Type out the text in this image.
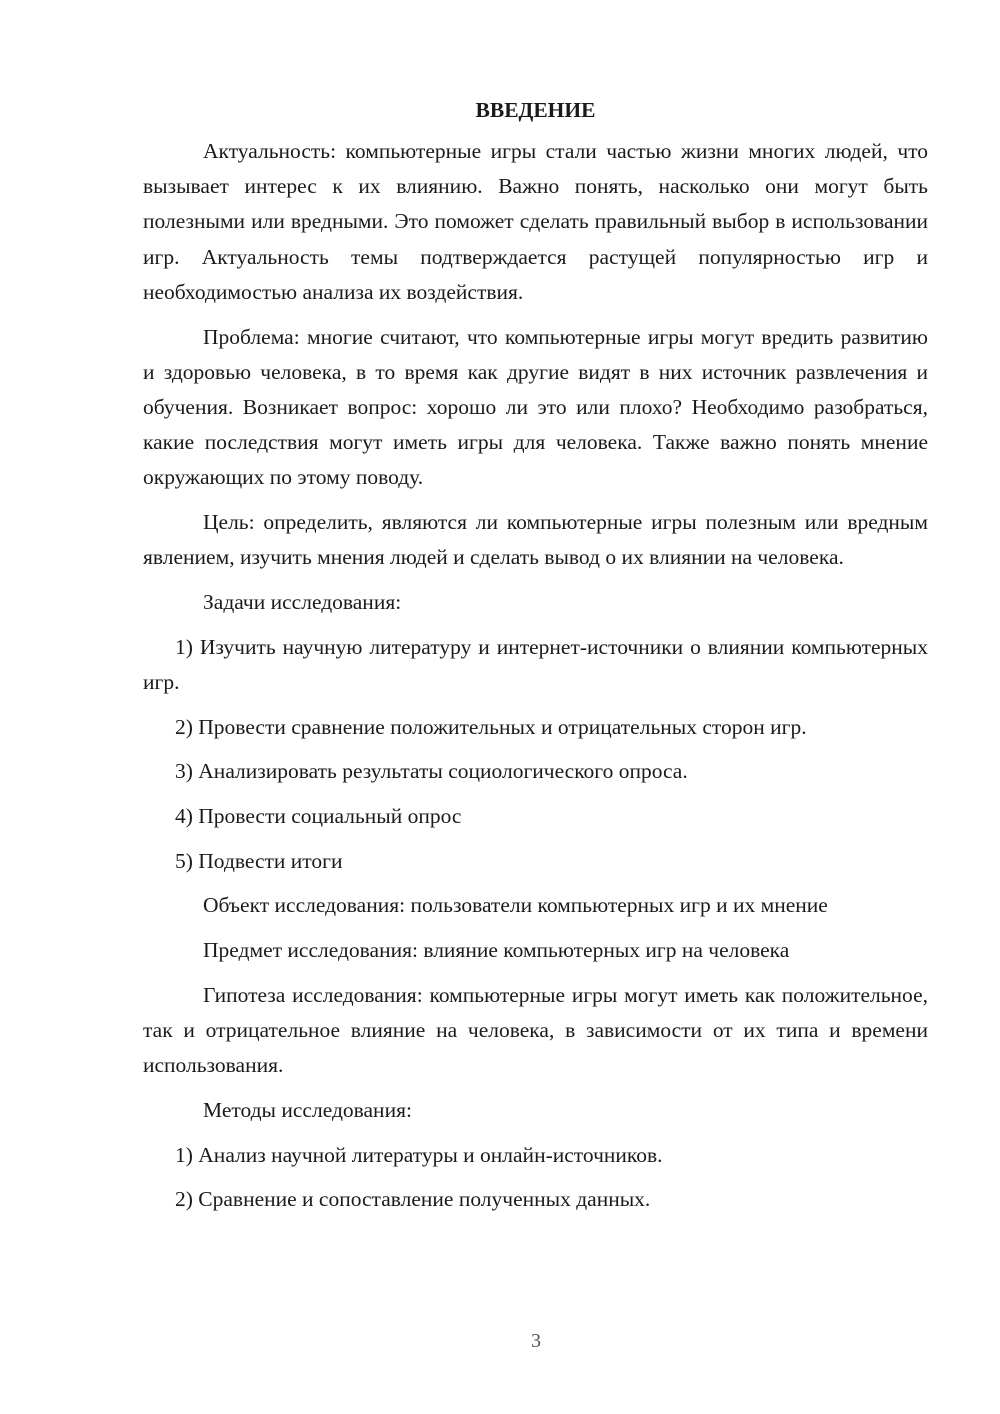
ВВЕДЕНИЕ

Актуальность: компьютерные игры стали частью жизни многих людей, что вызывает интерес к их влиянию. Важно понять, насколько они могут быть полезными или вредными. Это поможет сделать правильный выбор в использовании игр. Актуальность темы подтверждается растущей популярностью игр и необходимостью анализа их воздействия.

Проблема: многие считают, что компьютерные игры могут вредить развитию и здоровью человека, в то время как другие видят в них источник развлечения и обучения. Возникает вопрос: хорошо ли это или плохо? Необходимо разобраться, какие последствия могут иметь игры для человека. Также важно понять мнение окружающих по этому поводу.

Цель: определить, являются ли компьютерные игры полезным или вредным явлением, изучить мнения людей и сделать вывод о их влиянии на человека.

Задачи исследования:

1) Изучить научную литературу и интернет-источники о влиянии компьютерных игр.

2) Провести сравнение положительных и отрицательных сторон игр.

3) Анализировать результаты социологического опроса.

4) Провести социальный опрос

5) Подвести итоги

Объект исследования: пользователи компьютерных игр и их мнение

Предмет исследования: влияние компьютерных игр на человека

Гипотеза исследования: компьютерные игры могут иметь как положительное, так и отрицательное влияние на человека, в зависимости от их типа и времени использования.

Методы исследования:

1) Анализ научной литературы и онлайн-источников.

2) Сравнение и сопоставление полученных данных.

3
